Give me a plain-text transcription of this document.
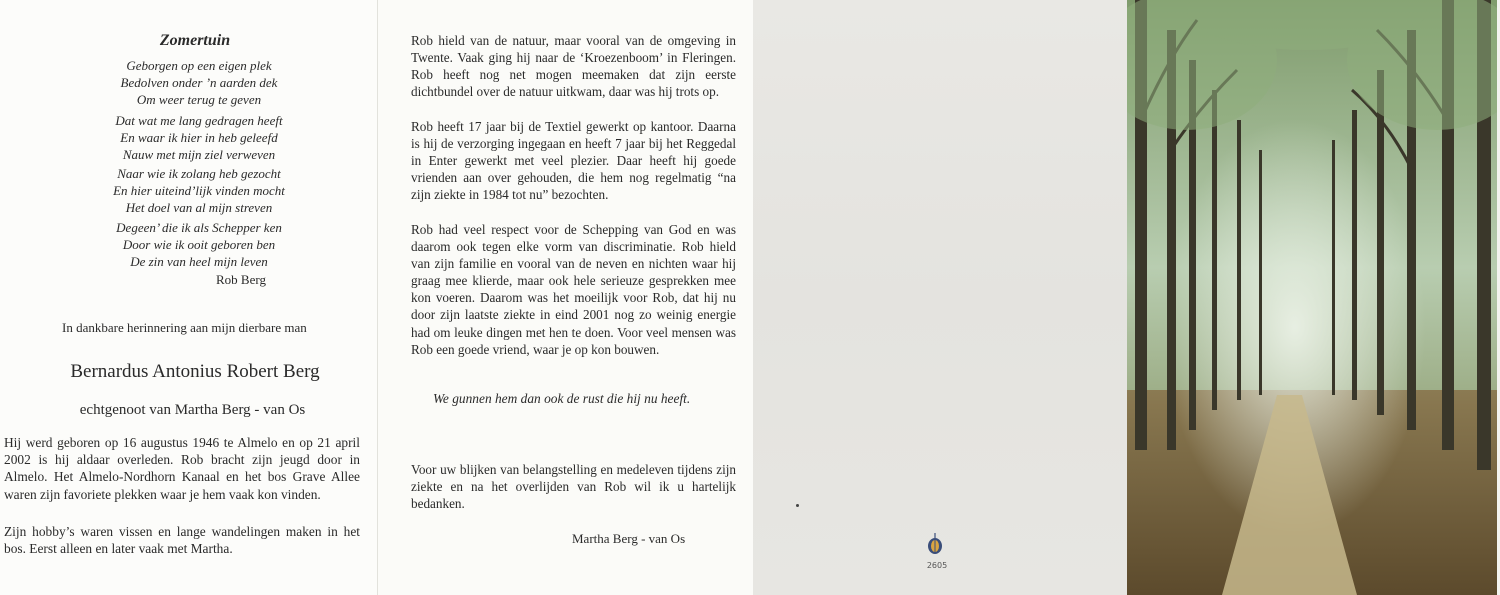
Zomertuin
Geborgen op een eigen plek
Bedolven onder ’n aarden dek
Om weer terug te geven
Dat wat me lang gedragen heeft
En waar ik hier in heb geleefd
Nauw met mijn ziel verweven
Naar wie ik zolang heb gezocht
En hier uiteind’lijk vinden mocht
Het doel van al mijn streven
Degeen’ die ik als Schepper ken
Door wie ik ooit geboren ben
De zin van heel mijn leven
Rob Berg
In dankbare herinnering aan mijn dierbare man
Bernardus Antonius Robert Berg
echtgenoot van Martha Berg - van Os
Hij werd geboren op 16 augustus 1946 te Almelo en op 21 april 2002 is hij aldaar overleden. Rob bracht zijn jeugd door in Almelo. Het Almelo-Nordhorn Kanaal en het bos Grave Allee waren zijn favoriete plekken waar je hem vaak kon vinden.
Zijn hobby’s waren vissen en lange wandelingen maken in het bos. Eerst alleen en later vaak met Martha.
Rob hield van de natuur, maar vooral van de omgeving in Twente. Vaak ging hij naar de ‘Kroezenboom’ in Fleringen. Rob heeft nog net mogen meemaken dat zijn eerste dichtbundel over de natuur uitkwam, daar was hij trots op.
Rob heeft 17 jaar bij de Textiel gewerkt op kantoor. Daarna is hij de verzorging ingegaan en heeft 7 jaar bij het Reggedal in Enter gewerkt met veel plezier. Daar heeft hij goede vrienden aan over gehouden, die hem nog regelmatig “na zijn ziekte in 1984 tot nu” bezochten.
Rob had veel respect voor de Schepping van God en was daarom ook tegen elke vorm van discriminatie. Rob hield van zijn familie en vooral van de neven en nichten waar hij graag mee klierde, maar ook hele serieuze gesprekken mee kon voeren. Daarom was het moeilijk voor Rob, dat hij nu door zijn laatste ziekte in eind 2001 nog zo weinig energie had om leuke dingen met hen te doen. Voor veel mensen was Rob een goede vriend, waar je op kon bouwen.
We gunnen hem dan ook de rust die hij nu heeft.
Voor uw blijken van belangstelling en medeleven tijdens zijn ziekte en na het overlijden van Rob wil ik u hartelijk bedanken.
Martha Berg - van Os
2605
